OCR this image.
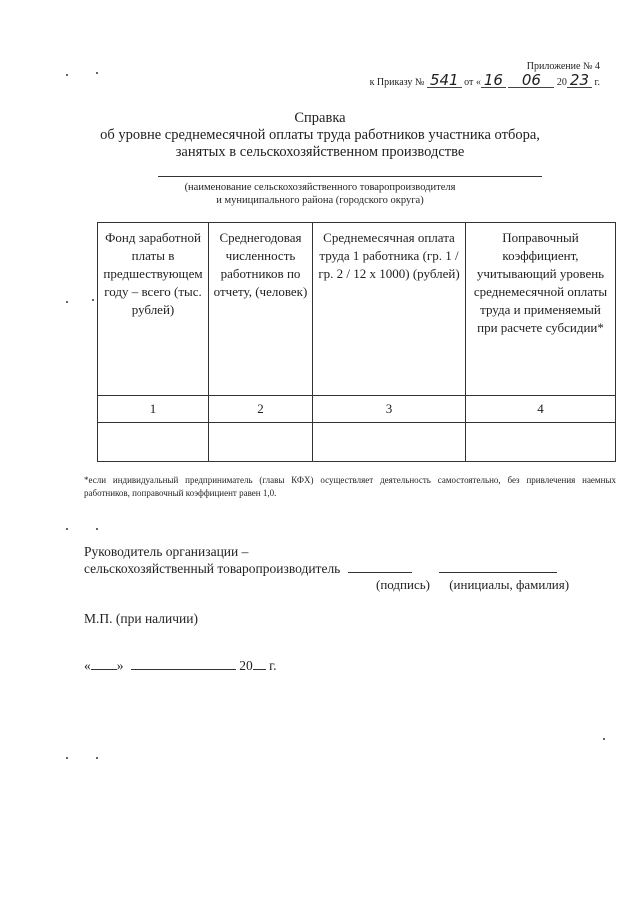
Приложение № 4
к Приказу № 541 от « 16 06 20 23 г.
Справка
об уровне среднемесячной оплаты труда работников участника отбора,
занятых в сельскохозяйственном производстве
(наименование сельскохозяйственного товаропроизводителя
и муниципального района (городского округа)
Фонд заработной платы в предшествующем году – всего (тыс. рублей)	Среднегодовая численность работников по отчету, (человек)	Среднемесячная оплата труда 1 работника (гр. 1 / гр. 2 / 12 х 1000) (рублей)	Поправочный коэффициент, учитывающий уровень среднемесячной оплаты труда и применяемый при расчете субсидии*
1	2	3	4

*если индивидуальный предприниматель (главы КФХ) осуществляет деятельность самостоятельно, без привлечения наемных работников, поправочный коэффициент равен 1,0.
Руководитель организации –
сельскохозяйственный товаропроизводитель
(подпись) (инициалы, фамилия)
М.П. (при наличии)
« »	20 г.
